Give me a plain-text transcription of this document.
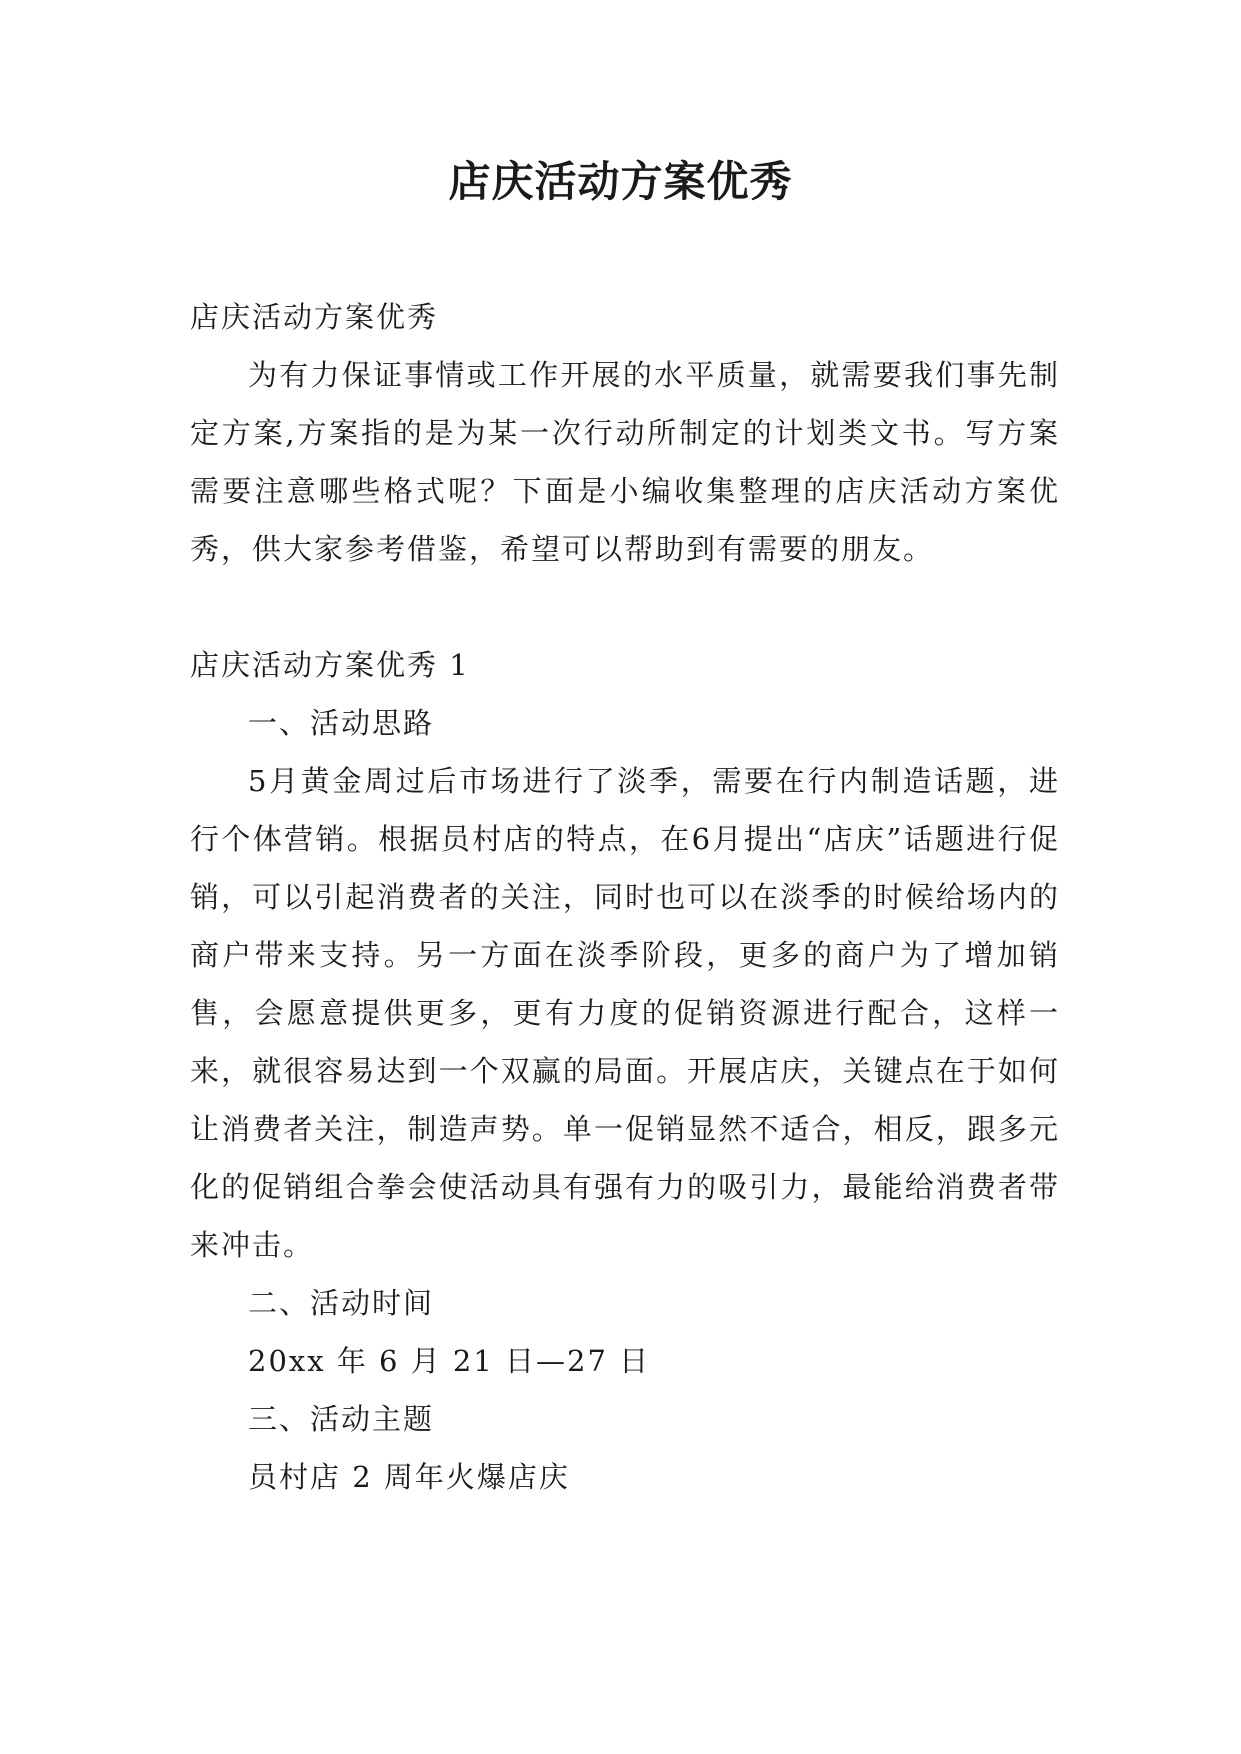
店庆活动方案优秀

店庆活动方案优秀

为有力保证事情或工作开展的水平质量，就需要我们事先制定方案,方案指的是为某一次行动所制定的计划类文书。写方案需要注意哪些格式呢？下面是小编收集整理的店庆活动方案优秀，供大家参考借鉴，希望可以帮助到有需要的朋友。

店庆活动方案优秀 1

一、活动思路

5月黄金周过后市场进行了淡季，需要在行内制造话题，进行个体营销。根据员村店的特点，在6月提出“店庆”话题进行促销，可以引起消费者的关注，同时也可以在淡季的时候给场内的商户带来支持。另一方面在淡季阶段，更多的商户为了增加销售，会愿意提供更多，更有力度的促销资源进行配合，这样一来，就很容易达到一个双赢的局面。开展店庆，关键点在于如何让消费者关注，制造声势。单一促销显然不适合，相反，跟多元化的促销组合拳会使活动具有强有力的吸引力，最能给消费者带来冲击。

二、活动时间

20xx 年 6 月 21 日—27 日

三、活动主题

员村店 2 周年火爆店庆
